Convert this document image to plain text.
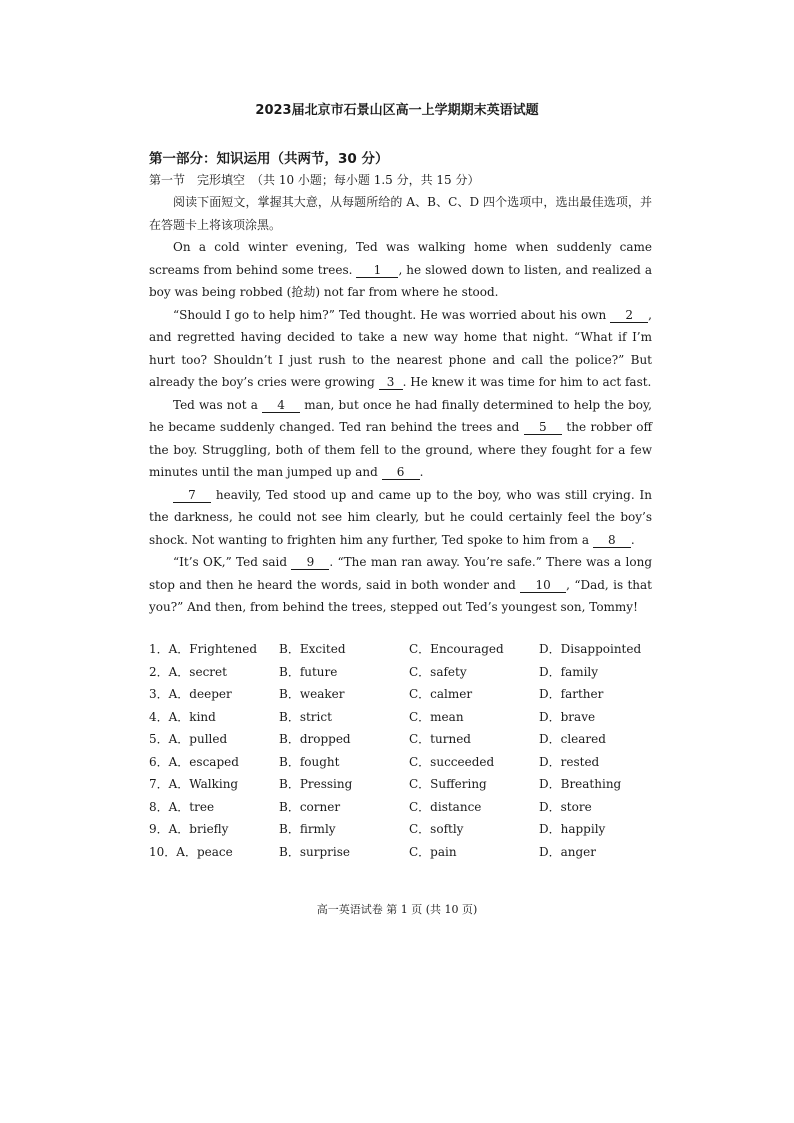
2023届北京市石景山区高一上学期期末英语试题
第一部分：知识运用（共两节，30 分）
第一节　完形填空　（共 10 小题；每小题 1.5 分，共 15 分）

阅读下面短文，掌握其大意，从每题所给的 A、B、C、D 四个选项中，选出最佳选项，并在答题卡上将该项涂黑。

On a cold winter evening, Ted was walking home when suddenly came screams from behind some trees. 1 , he slowed down to listen, and realized a boy was being robbed (抢劫) not far from where he stood.

“Should I go to help him?” Ted thought. He was worried about his own 2 , and regretted having decided to take a new way home that night. “What if I’m hurt too? Shouldn’t I just rush to the nearest phone and call the police?” But already the boy’s cries were growing 3 . He knew it was time for him to act fast.

Ted was not a 4 man, but once he had finally determined to help the boy, he became suddenly changed. Ted ran behind the trees and 5 the robber off the boy. Struggling, both of them fell to the ground, where they fought for a few minutes until the man jumped up and 6 .

7 heavily, Ted stood up and came up to the boy, who was still crying. In the darkness, he could not see him clearly, but he could certainly feel the boy’s shock. Not wanting to frighten him any further, Ted spoke to him from a 8 .

“It’s OK,” Ted said 9 . “The man ran away. You’re safe.” There was a long stop and then he heard the words, said in both wonder and 10 , “Dad, is that you?” And then, from behind the trees, stepped out Ted’s youngest son, Tommy!

1．A．Frightened B．Excited	C．Encouraged	D．Disappointed
2．A．secret	B．future	C．safety	D．family
3．A．deeper	B．weaker	C．calmer	D．farther
4．A．kind	B．strict	C．mean	D．brave
5．A．pulled	B．dropped	C．turned	D．cleared
6．A．escaped	B．fought	C．succeeded	D．rested
7．A．Walking	B．Pressing	C．Suffering	D．Breathing
8．A．tree	B．corner	C．distance	D．store
9．A．briefly	B．firmly	C．softly	D．happily
10．A．peace	B．surprise	C．pain	D．anger
高一英语试卷 第 1 页 (共 10 页)
